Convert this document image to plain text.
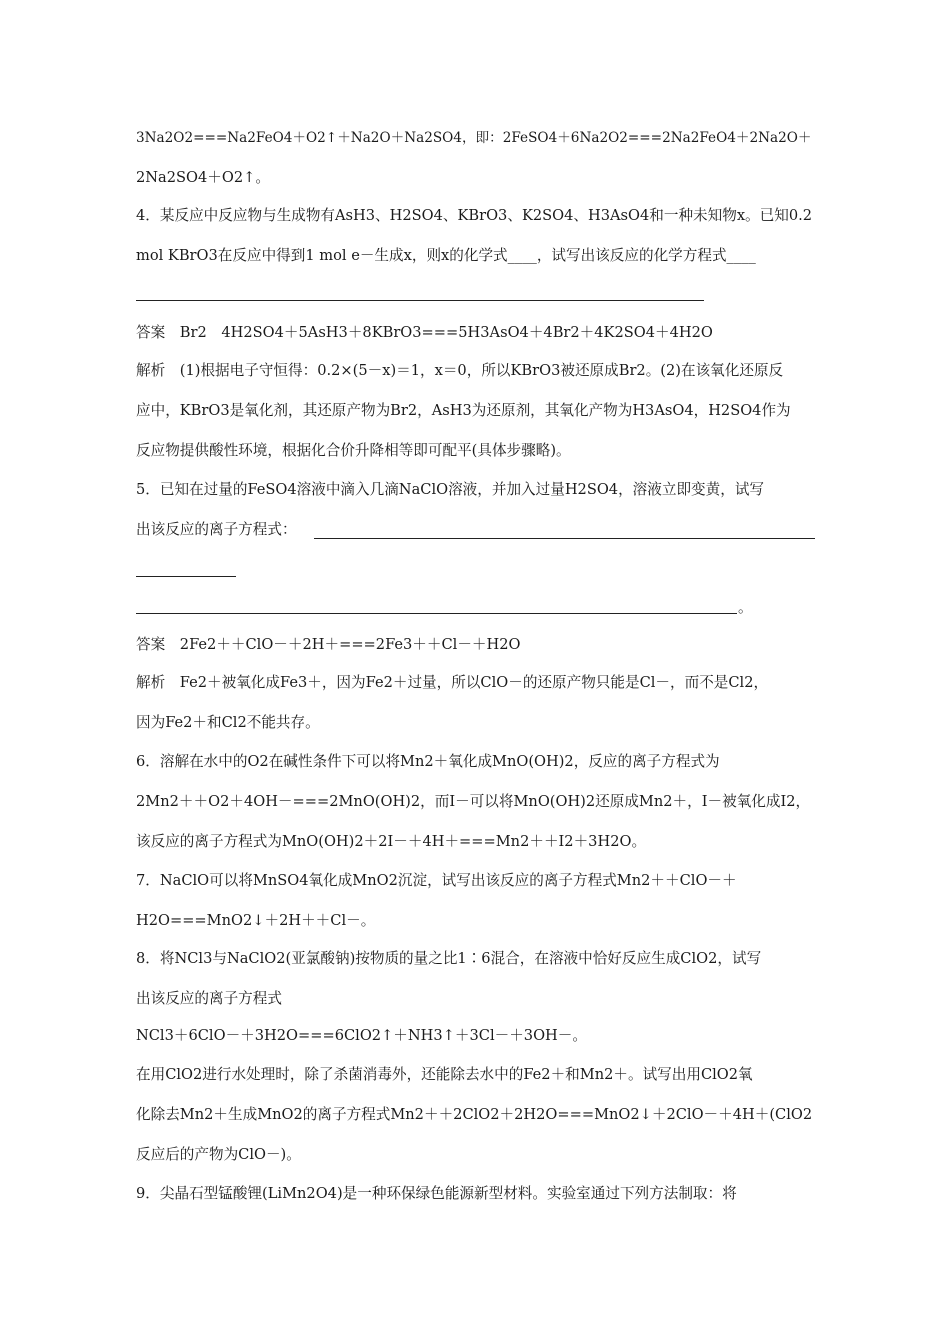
3Na2O2===Na2FeO4＋O2↑＋Na2O＋Na2SO4，即：2FeSO4＋6Na2O2===2Na2FeO4＋2Na2O＋
2Na2SO4＋O2↑。
4．某反应中反应物与生成物有AsH3、H2SO4、KBrO3、K2SO4、H3AsO4和一种未知物x。已知0.2
mol KBrO3在反应中得到1 mol e－生成x，则x的化学式____，试写出该反应的化学方程式____
答案　Br2　4H2SO4＋5AsH3＋8KBrO3===5H3AsO4＋4Br2＋4K2SO4＋4H2O
解析　(1)根据电子守恒得：0.2×(5－x)＝1，x＝0，所以KBrO3被还原成Br2。(2)在该氧化还原反
应中，KBrO3是氧化剂，其还原产物为Br2，AsH3为还原剂，其氧化产物为H3AsO4，H2SO4作为
反应物提供酸性环境，根据化合价升降相等即可配平(具体步骤略)。
5．已知在过量的FeSO4溶液中滴入几滴NaClO溶液，并加入过量H2SO4，溶液立即变黄，试写
出该反应的离子方程式：
。
答案　2Fe2＋＋ClO－＋2H＋===2Fe3＋＋Cl－＋H2O
解析　Fe2＋被氧化成Fe3＋，因为Fe2＋过量，所以ClO－的还原产物只能是Cl－，而不是Cl2，
因为Fe2＋和Cl2不能共存。
6．溶解在水中的O2在碱性条件下可以将Mn2＋氧化成MnO(OH)2，反应的离子方程式为
2Mn2＋＋O2＋4OH－===2MnO(OH)2，而I－可以将MnO(OH)2还原成Mn2＋，I－被氧化成I2，
该反应的离子方程式为MnO(OH)2＋2I－＋4H＋===Mn2＋＋I2＋3H2O。
7．NaClO可以将MnSO4氧化成MnO2沉淀，试写出该反应的离子方程式Mn2＋＋ClO－＋
H2O===MnO2↓＋2H＋＋Cl－。
8．将NCl3与NaClO2(亚氯酸钠)按物质的量之比1∶6混合，在溶液中恰好反应生成ClO2，试写
出该反应的离子方程式
NCl3＋6ClO－＋3H2O===6ClO2↑＋NH3↑＋3Cl－＋3OH－。
在用ClO2进行水处理时，除了杀菌消毒外，还能除去水中的Fe2＋和Mn2＋。试写出用ClO2氧
化除去Mn2＋生成MnO2的离子方程式Mn2＋＋2ClO2＋2H2O===MnO2↓＋2ClO－＋4H＋(ClO2
反应后的产物为ClO－)。
9．尖晶石型锰酸锂(LiMn2O4)是一种环保绿色能源新型材料。实验室通过下列方法制取：将
